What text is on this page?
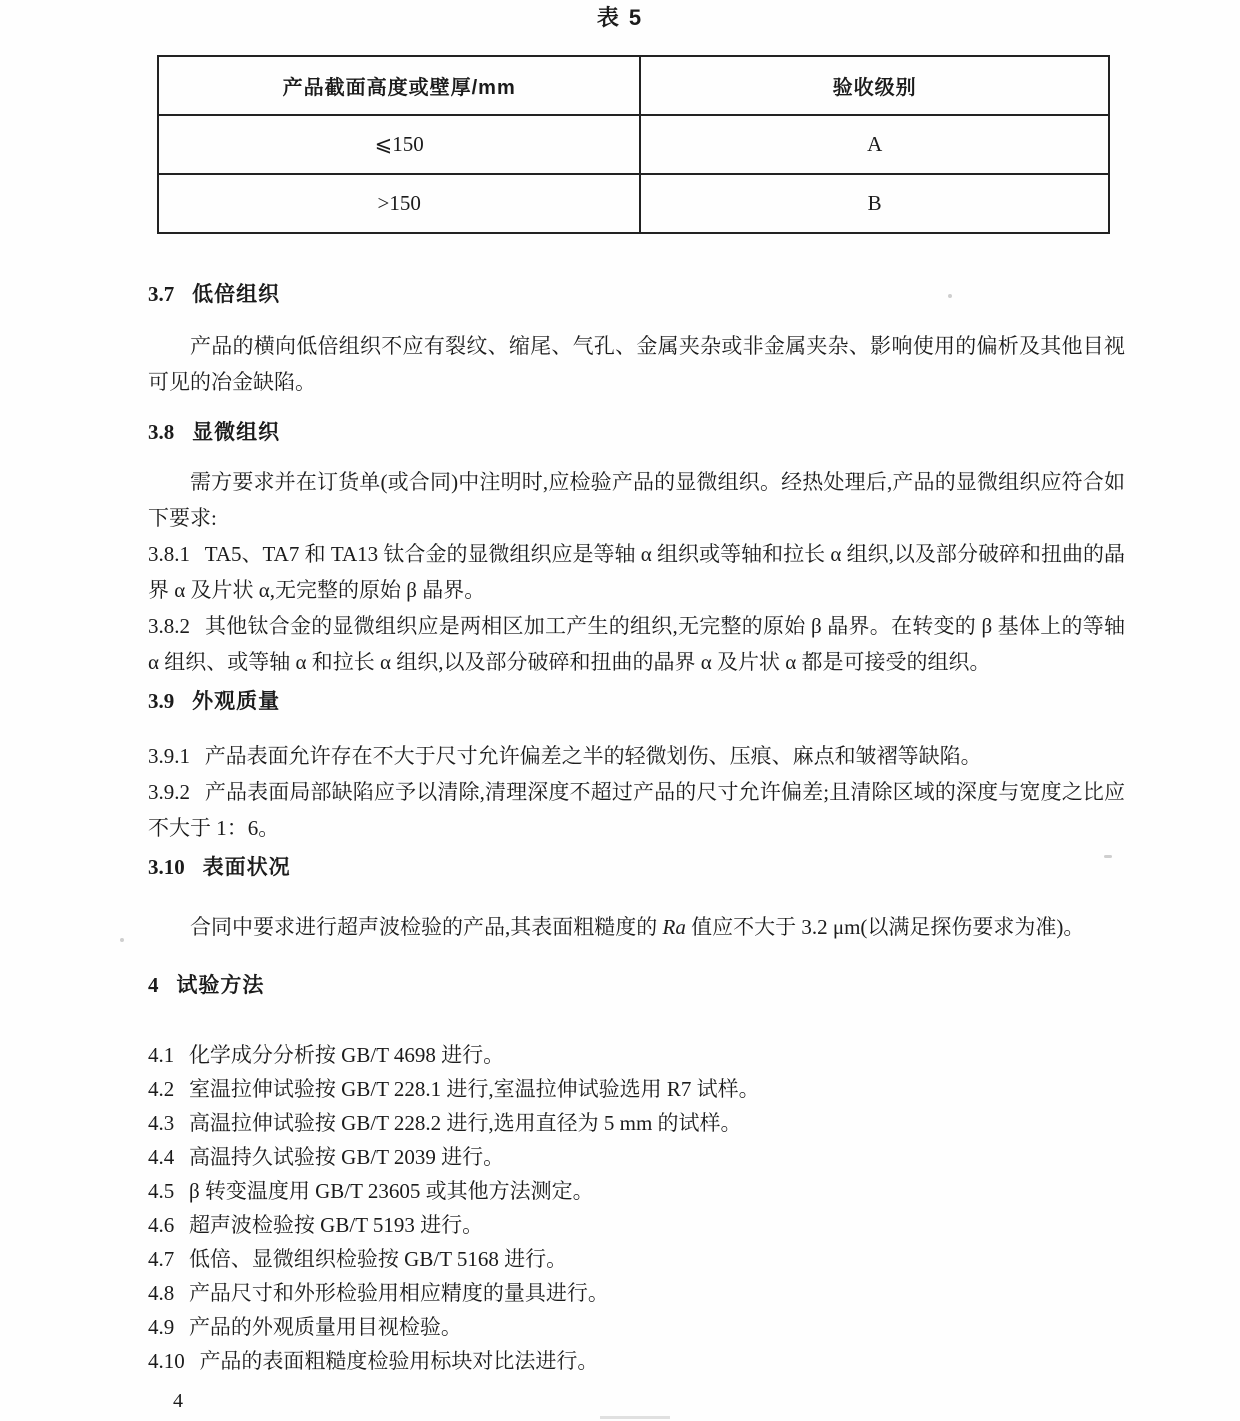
表 5
产品截面高度或壁厚/mm	验收级别
⩽150	A
>150	B
3.7 低倍组织
产品的横向低倍组织不应有裂纹、缩尾、气孔、金属夹杂或非金属夹杂、影响使用的偏析及其他目视可见的冶金缺陷。
3.8 显微组织
需方要求并在订货单(或合同)中注明时,应检验产品的显微组织。经热处理后,产品的显微组织应符合如下要求:
3.8.1 TA5、TA7 和 TA13 钛合金的显微组织应是等轴 α 组织或等轴和拉长 α 组织,以及部分破碎和扭曲的晶界 α 及片状 α,无完整的原始 β 晶界。
3.8.2 其他钛合金的显微组织应是两相区加工产生的组织,无完整的原始 β 晶界。在转变的 β 基体上的等轴 α 组织、或等轴 α 和拉长 α 组织,以及部分破碎和扭曲的晶界 α 及片状 α 都是可接受的组织。
3.9 外观质量
3.9.1 产品表面允许存在不大于尺寸允许偏差之半的轻微划伤、压痕、麻点和皱褶等缺陷。
3.9.2 产品表面局部缺陷应予以清除,清理深度不超过产品的尺寸允许偏差;且清除区域的深度与宽度之比应不大于 1：6。
3.10 表面状况
合同中要求进行超声波检验的产品,其表面粗糙度的 Ra 值应不大于 3.2 μm(以满足探伤要求为准)。
4 试验方法
4.1 化学成分分析按 GB/T 4698 进行。
4.2 室温拉伸试验按 GB/T 228.1 进行,室温拉伸试验选用 R7 试样。
4.3 高温拉伸试验按 GB/T 228.2 进行,选用直径为 5 mm 的试样。
4.4 高温持久试验按 GB/T 2039 进行。
4.5 β 转变温度用 GB/T 23605 或其他方法测定。
4.6 超声波检验按 GB/T 5193 进行。
4.7 低倍、显微组织检验按 GB/T 5168 进行。
4.8 产品尺寸和外形检验用相应精度的量具进行。
4.9 产品的外观质量用目视检验。
4.10 产品的表面粗糙度检验用标块对比法进行。
4
